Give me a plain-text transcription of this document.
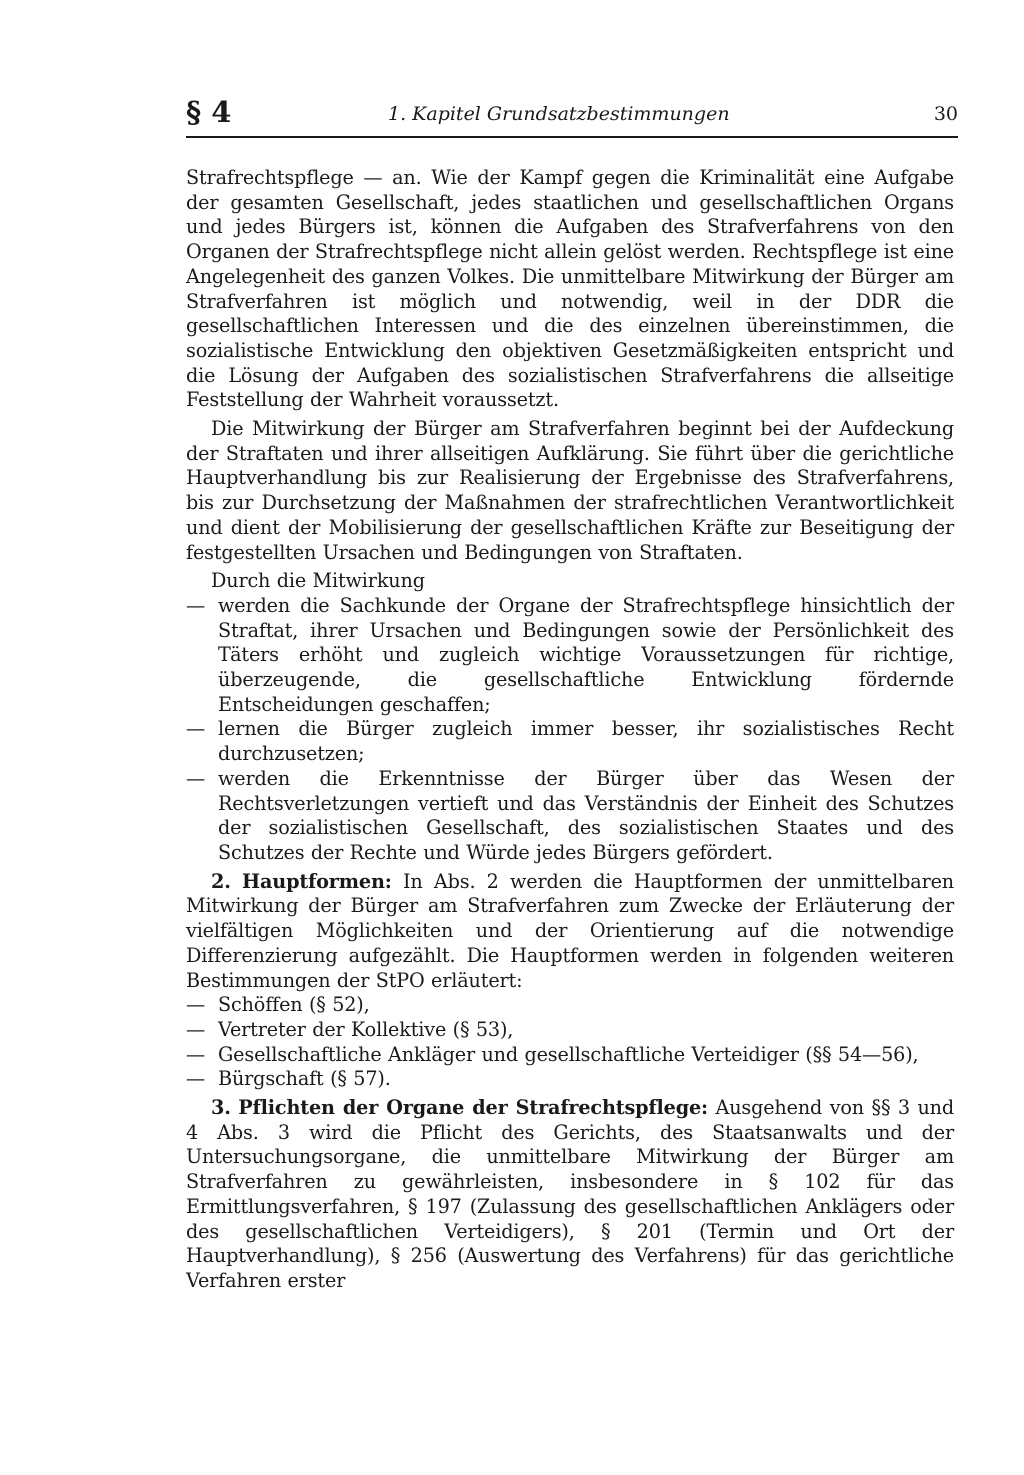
§ 4	1. Kapitel Grundsatzbestimmungen	30

Strafrechtspflege — an. Wie der Kampf gegen die Kriminalität eine Aufgabe der gesamten Gesellschaft, jedes staatlichen und gesellschaftlichen Organs und jedes Bürgers ist, können die Aufgaben des Strafverfahrens von den Organen der Strafrechtspflege nicht allein gelöst werden. Rechtspflege ist eine Angelegenheit des ganzen Volkes. Die unmittelbare Mitwirkung der Bürger am Strafverfahren ist möglich und notwendig, weil in der DDR die gesellschaftlichen Interessen und die des einzelnen übereinstimmen, die sozialistische Entwicklung den objektiven Gesetzmäßigkeiten entspricht und die Lösung der Aufgaben des sozialistischen Strafverfahrens die allseitige Feststellung der Wahrheit voraussetzt.

Die Mitwirkung der Bürger am Strafverfahren beginnt bei der Aufdeckung der Straftaten und ihrer allseitigen Aufklärung. Sie führt über die gerichtliche Hauptverhandlung bis zur Realisierung der Ergebnisse des Strafverfahrens, bis zur Durchsetzung der Maßnahmen der strafrechtlichen Verantwortlichkeit und dient der Mobilisierung der gesellschaftlichen Kräfte zur Beseitigung der festgestellten Ursachen und Bedingungen von Straftaten.

Durch die Mitwirkung

— werden die Sachkunde der Organe der Strafrechtspflege hinsichtlich der Straftat, ihrer Ursachen und Bedingungen sowie der Persönlichkeit des Täters erhöht und zugleich wichtige Voraussetzungen für richtige, überzeugende, die gesellschaftliche Entwicklung fördernde Entscheidungen geschaffen;
— lernen die Bürger zugleich immer besser, ihr sozialistisches Recht durchzusetzen;
— werden die Erkenntnisse der Bürger über das Wesen der Rechtsverletzungen vertieft und das Verständnis der Einheit des Schutzes der sozialistischen Gesellschaft, des sozialistischen Staates und des Schutzes der Rechte und Würde jedes Bürgers gefördert.

2. Hauptformen: In Abs. 2 werden die Hauptformen der unmittelbaren Mitwirkung der Bürger am Strafverfahren zum Zwecke der Erläuterung der vielfältigen Möglichkeiten und der Orientierung auf die notwendige Differenzierung aufgezählt. Die Hauptformen werden in folgenden weiteren Bestimmungen der StPO erläutert:

— Schöffen (§ 52),
— Vertreter der Kollektive (§ 53),
— Gesellschaftliche Ankläger und gesellschaftliche Verteidiger (§§ 54—56),
— Bürgschaft (§ 57).

3. Pflichten der Organe der Strafrechtspflege: Ausgehend von §§ 3 und 4 Abs. 3 wird die Pflicht des Gerichts, des Staatsanwalts und der Untersuchungsorgane, die unmittelbare Mitwirkung der Bürger am Strafverfahren zu gewährleisten, insbesondere in § 102 für das Ermittlungsverfahren, § 197 (Zulassung des gesellschaftlichen Anklägers oder des gesellschaftlichen Verteidigers), § 201 (Termin und Ort der Hauptverhandlung), § 256 (Auswertung des Verfahrens) für das gerichtliche Verfahren erster
